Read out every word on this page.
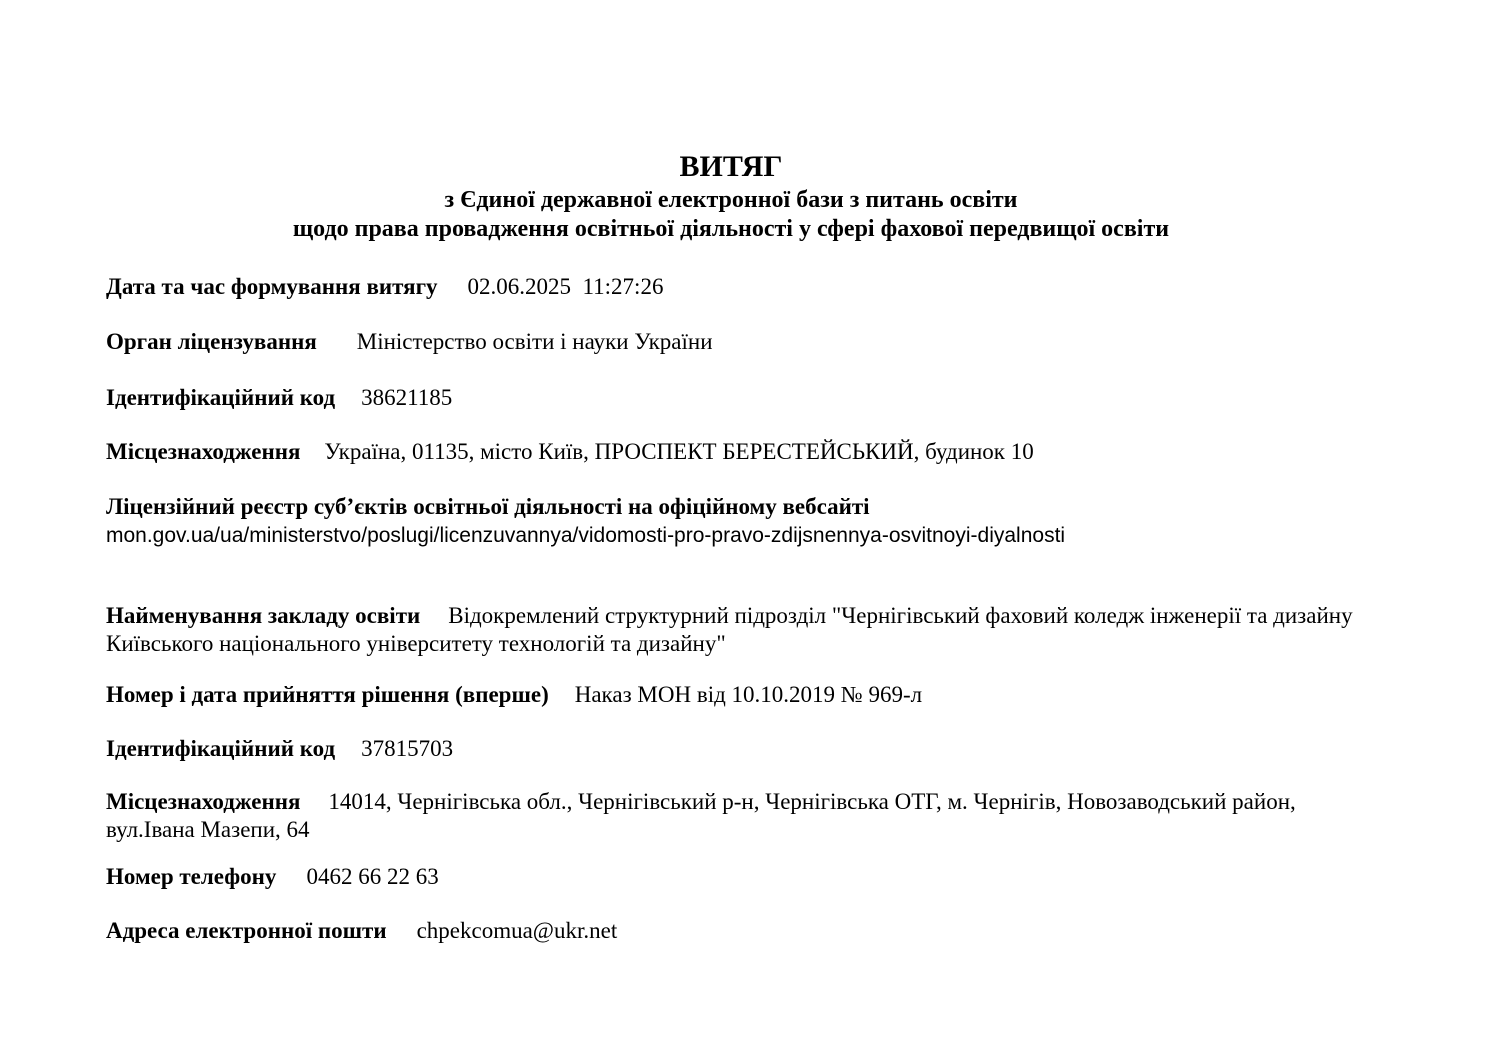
ВИТЯГ
з Єдиної державної електронної бази з питань освіти
щодо права провадження освітньої діяльності у сфері фахової передвищої освіти
Дата та час формування витягу 02.06.2025 11:27:26
Орган ліцензування Міністерство освіти і науки України
Ідентифікаційний код 38621185
Місцезнаходження Україна, 01135, місто Київ, ПРОСПЕКТ БЕРЕСТЕЙСЬКИЙ, будинок 10
Ліцензійний реєстр суб’єктів освітньої діяльності на офіційному вебсайті
mon.gov.ua/ua/ministerstvo/poslugi/licenzuvannya/vidomosti-pro-pravo-zdijsnennya-osvitnoyi-diyalnosti
Найменування закладу освіти Відокремлений структурний підрозділ "Чернігівський фаховий коледж інженерії та дизайну Київського національного університету технологій та дизайну"
Номер і дата прийняття рішення (вперше) Наказ МОН від 10.10.2019 № 969-л
Ідентифікаційний код 37815703
Місцезнаходження 14014, Чернігівська обл., Чернігівський р-н, Чернігівська ОТГ, м. Чернігів, Новозаводський район, вул.Івана Мазепи, 64
Номер телефону 0462 66 22 63
Адреса електронної пошти chpekcomua@ukr.net
